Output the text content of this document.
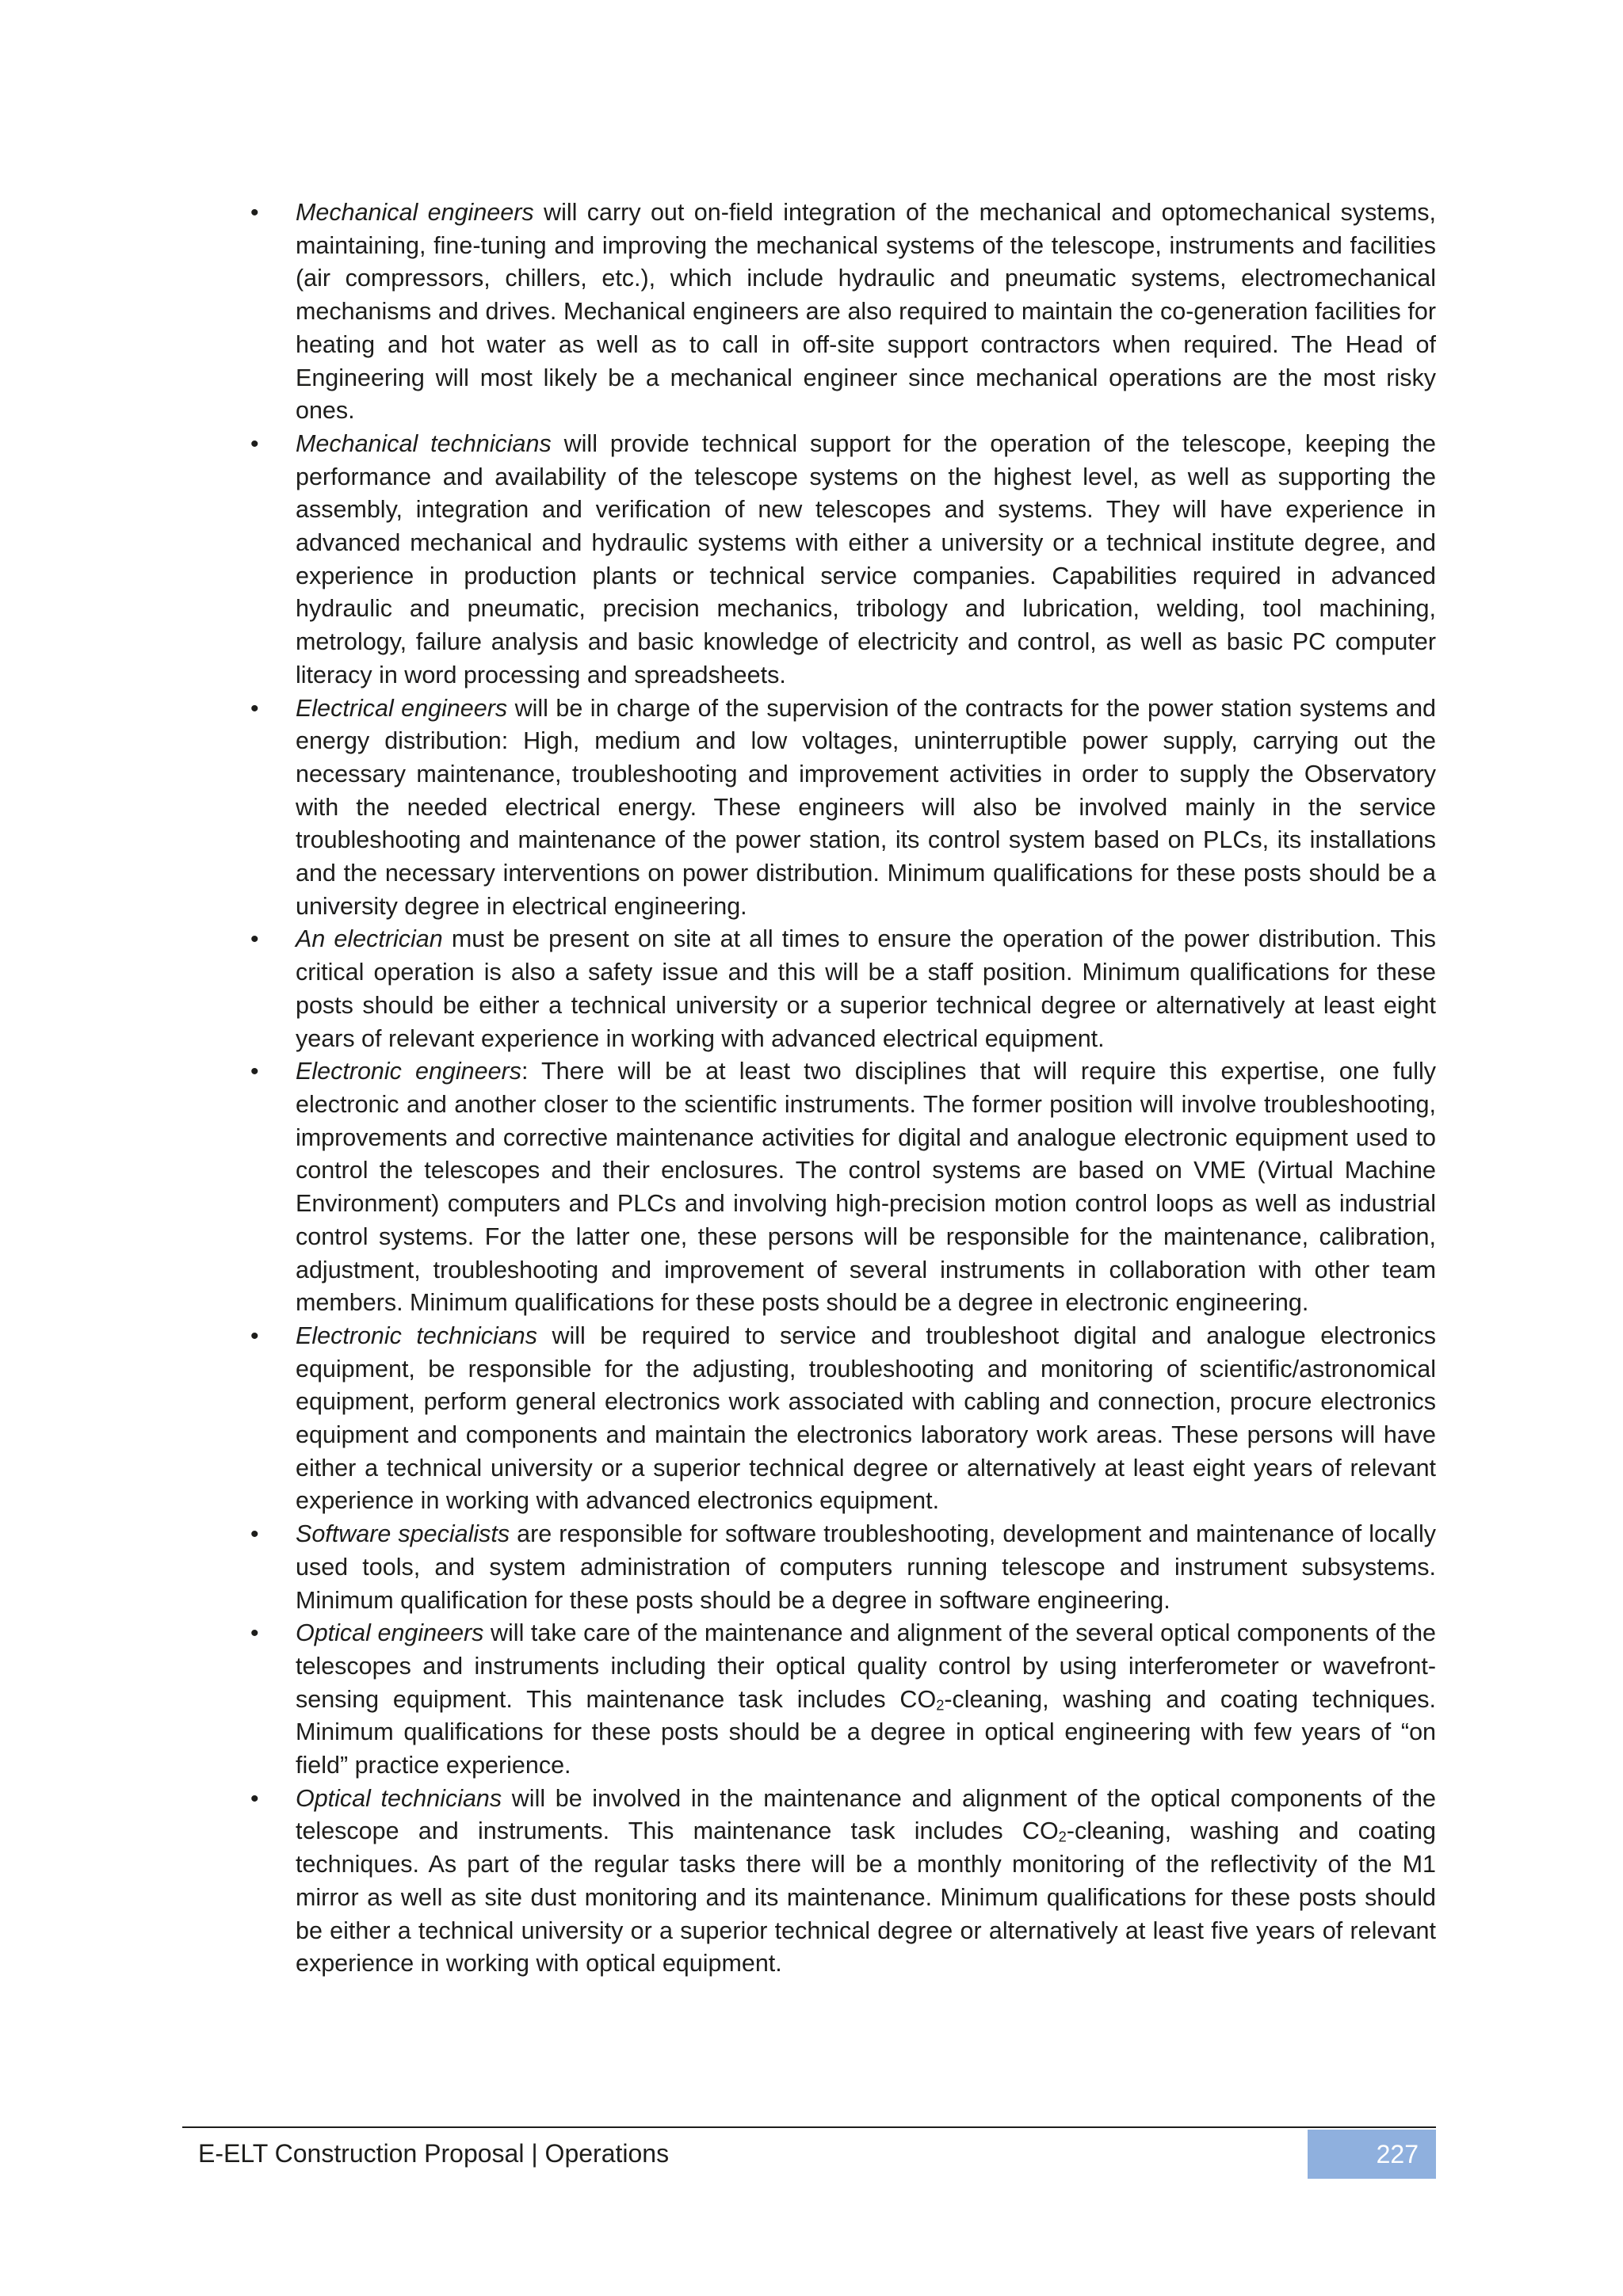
• Mechanical engineers will carry out on-field integration of the mechanical and optomechanical systems, maintaining, fine-tuning and improving the mechanical systems of the telescope, instruments and facilities (air compressors, chillers, etc.), which include hydraulic and pneumatic systems, electromechanical mechanisms and drives. Mechanical engineers are also required to maintain the co-generation facilities for heating and hot water as well as to call in off-site support contractors when required. The Head of Engineering will most likely be a mechanical engineer since mechanical operations are the most risky ones.
• Mechanical technicians will provide technical support for the operation of the telescope, keeping the performance and availability of the telescope systems on the highest level, as well as supporting the assembly, integration and verification of new telescopes and systems. They will have experience in advanced mechanical and hydraulic systems with either a university or a technical institute degree, and experience in production plants or technical service companies. Capabilities required in advanced hydraulic and pneumatic, precision mechanics, tribology and lubrication, welding, tool machining, metrology, failure analysis and basic knowledge of electricity and control, as well as basic PC computer literacy in word processing and spreadsheets.
• Electrical engineers will be in charge of the supervision of the contracts for the power station systems and energy distribution: High, medium and low voltages, uninterruptible power supply, carrying out the necessary maintenance, troubleshooting and improvement activities in order to supply the Observatory with the needed electrical energy. These engineers will also be involved mainly in the service troubleshooting and maintenance of the power station, its control system based on PLCs, its installations and the necessary interventions on power distribution. Minimum qualifications for these posts should be a university degree in electrical engineering.
• An electrician must be present on site at all times to ensure the operation of the power distribution. This critical operation is also a safety issue and this will be a staff position. Minimum qualifications for these posts should be either a technical university or a superior technical degree or alternatively at least eight years of relevant experience in working with advanced electrical equipment.
• Electronic engineers: There will be at least two disciplines that will require this expertise, one fully electronic and another closer to the scientific instruments. The former position will involve troubleshooting, improvements and corrective maintenance activities for digital and analogue electronic equipment used to control the telescopes and their enclosures. The control systems are based on VME (Virtual Machine Environment) computers and PLCs and involving high-precision motion control loops as well as industrial control systems. For the latter one, these persons will be responsible for the maintenance, calibration, adjustment, troubleshooting and improvement of several instruments in collaboration with other team members. Minimum qualifications for these posts should be a degree in electronic engineering.
• Electronic technicians will be required to service and troubleshoot digital and analogue electronics equipment, be responsible for the adjusting, troubleshooting and monitoring of scientific/astronomical equipment, perform general electronics work associated with cabling and connection, procure electronics equipment and components and maintain the electronics laboratory work areas. These persons will have either a technical university or a superior technical degree or alternatively at least eight years of relevant experience in working with advanced electronics equipment.
• Software specialists are responsible for software troubleshooting, development and maintenance of locally used tools, and system administration of computers running telescope and instrument subsystems. Minimum qualification for these posts should be a degree in software engineering.
• Optical engineers will take care of the maintenance and alignment of the several optical components of the telescopes and instruments including their optical quality control by using interferometer or wavefront-sensing equipment. This maintenance task includes $CO_2$-cleaning, washing and coating techniques. Minimum qualifications for these posts should be a degree in optical engineering with few years of “on field” practice experience.
• Optical technicians will be involved in the maintenance and alignment of the optical components of the telescope and instruments. This maintenance task includes $CO_2$-cleaning, washing and coating techniques. As part of the regular tasks there will be a monthly monitoring of the reflectivity of the M1 mirror as well as site dust monitoring and its maintenance. Minimum qualifications for these posts should be either a technical university or a superior technical degree or alternatively at least five years of relevant experience in working with optical equipment.
E-ELT Construction Proposal | Operations	227
